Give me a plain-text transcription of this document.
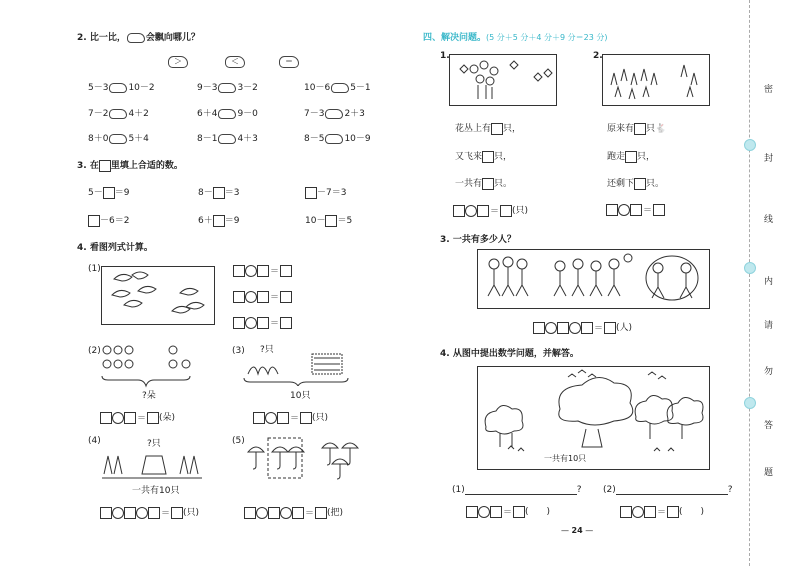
2. 比一比， 会飘向哪儿？
＞	＜	＝
5－3 10－2	9－3 3－2	10－6 5－1
7－2 4＋2	6＋4 9－0	7－3 2＋3
8＋0 5＋4	8－1 4＋3	8－5 10－9
3. 在 里填上合适的数。
5－ ＝9	8－ ＝3	－7＝3
－6＝2	6＋ ＝9	10－ ＝5
4. 看图列式计算。
(1)	＝
＝
＝
(2)
?朵
＝ (朵)
(3) ?只
10只
＝ (只)
(4)	?只
一共有10只
＝ (只)
(5)
＝ (把)
四、解决问题。(5 分＋5 分＋4 分＋9 分＝23 分)
1.
花丛上有 只，
又飞来 只，
一共有 只。
＝ (只)
2.
原来有 只🐇
跑走 只，
还剩下 只。
＝
3. 一共有多少人？
＝ (人)
4. 从图中提出数学问题，并解答。
一共有10只
(1)	? (2)	?
＝ (　　)	＝ (　　)
— 24 —
密
封
线
内
请
勿
答
题
